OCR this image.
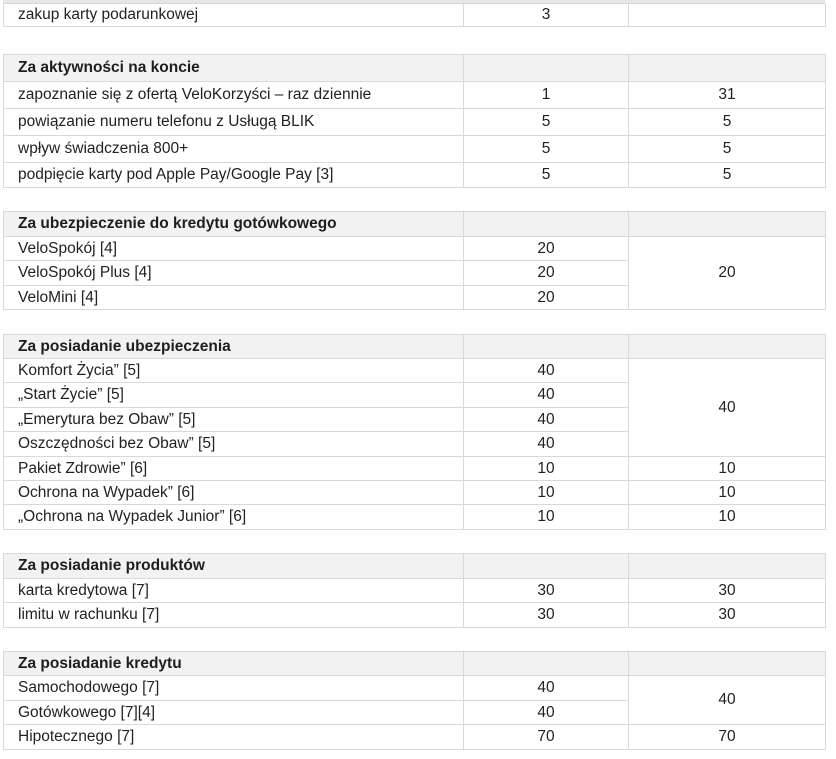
zakup karty podarunkowej	3	
Za aktywności na koncie		
zapoznanie się z ofertą VeloKorzyści – raz dziennie	1	31
powiązanie numeru telefonu z Usługą BLIK	5	5
wpływ świadczenia 800+	5	5
podpięcie karty pod Apple Pay/Google Pay [3]	5	5
Za ubezpieczenie do kredytu gotówkowego		
VeloSpokój [4]	20	20
VeloSpokój Plus [4]	20	
VeloMini [4]	20	
Za posiadanie ubezpieczenia		
Komfort Życia” [5]	40	40
„Start Życie” [5]	40	
„Emerytura bez Obaw” [5]	40	
Oszczędności bez Obaw” [5]	40	
Pakiet Zdrowie” [6]	10	10
Ochrona na Wypadek” [6]	10	10
„Ochrona na Wypadek Junior” [6]	10	10
Za posiadanie produktów		
karta kredytowa [7]	30	30
limitu w rachunku [7]	30	30
Za posiadanie kredytu		
Samochodowego [7]	40	40
Gotówkowego [7][4]	40	
Hipotecznego [7]	70	70
